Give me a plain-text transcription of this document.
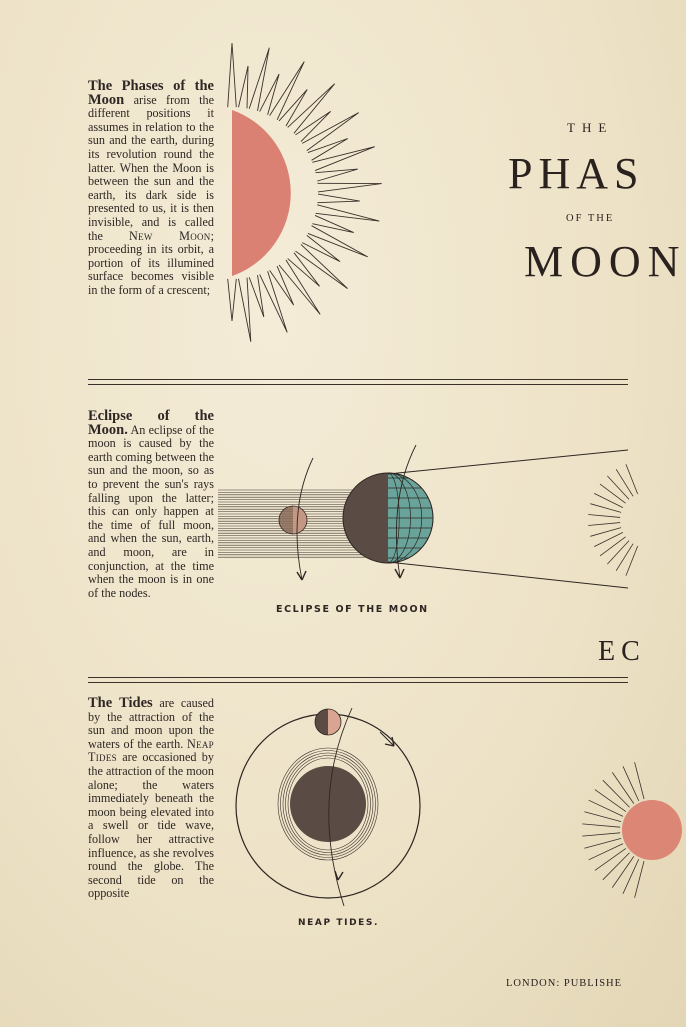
The Phases of the Moon arise from the different positions it assumes in relation to the sun and the earth, during its revolution round the latter. When the Moon is between the sun and the earth, its dark side is presented to us, it is then invisible, and is called the New Moon; proceeding in its orbit, a portion of its illumined surface becomes visible in the form of a crescent;
THE
PHAS
OF THE
MOON
Eclipse of the Moon. An eclipse of the moon is caused by the earth coming between the sun and the moon, so as to prevent the sun's rays falling upon the latter; this can only happen at the time of full moon, and when the sun, earth, and moon, are in conjunction, at the time when the moon is in one of the nodes.
ECLIPSE OF THE MOON
EC
The Tides are caused by the attraction of the sun and moon upon the waters of the earth. Neap Tides are occasioned by the attraction of the moon alone; the waters immediately beneath the moon being elevated into a swell or tide wave, follow her attractive influence, as she revolves round the globe. The second tide on the opposite
NEAP TIDES.
LONDON: PUBLISHE
